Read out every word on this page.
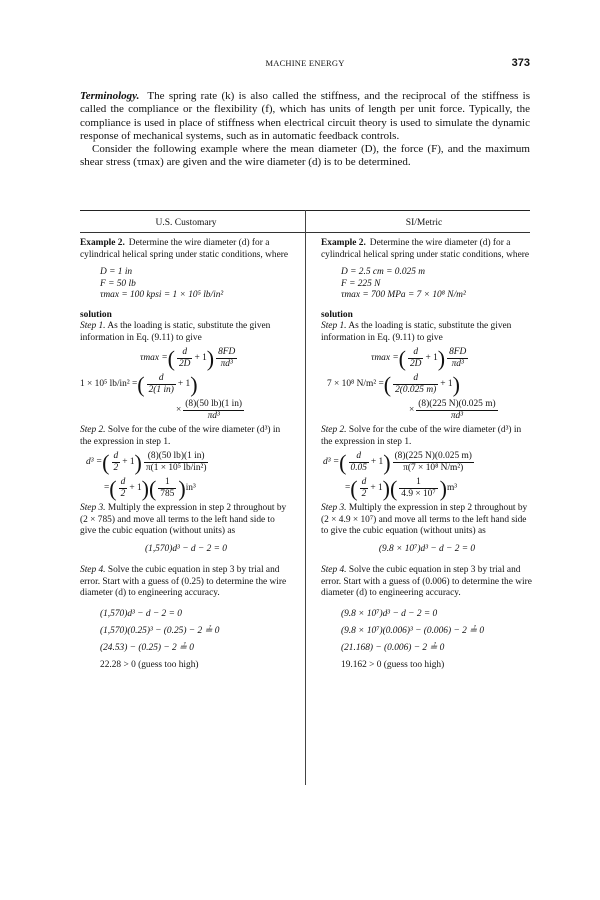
MACHINE ENERGY	373

Terminology. The spring rate (k) is also called the stiffness, and the reciprocal of the stiffness is called the compliance or the flexibility (f), which has units of length per unit force. Typically, the compliance is used in place of stiffness when electrical circuit theory is used to simulate the dynamic response of mechanical systems, such as in automatic feedback controls.

Consider the following example where the mean diameter (D), the force (F), and the maximum shear stress (τmax) are given and the wire diameter (d) is to be determined.

U.S. Customary	SI/Metric

Example 2. Determine the wire diameter (d) for a cylindrical helical spring under static conditions, where

D = 1 in
F = 50 lb
τmax = 100 kpsi = 1 × 10⁵ lb/in²

solution

Step 1. As the loading is static, substitute the given information in Eq. (9.11) to give

τmax = ( $\frac{d}{2D} + 1$ ) $\frac{8FD}{\text{πd³}}$
1 × 10⁵ lb/in² = ( $\frac{d}{2(1 in)} + 1$ )
× $\frac{(8)(50 lb)(1 in)}{\text{πd³}}$

Step 2. Solve for the cube of the wire diameter (d³) in the expression in step 1.

d³ = ( $\frac{d}{2} + 1$ ) $\frac{(8)(50 lb)(1 in)}{\text{π(1 × 10⁵ lb/in²)}}$
= ( $\frac{d}{2} + 1$ ) ( $\frac{1}{785}$ ) in³

Step 3. Multiply the expression in step 2 throughout by (2 × 785) and move all terms to the left hand side to give the cubic equation (without units) as

(1,570)d³ − d − 2 = 0

Step 4. Solve the cubic equation in step 3 by trial and error. Start with a guess of (0.25) to determine the wire diameter (d) to engineering accuracy.

(1,570)d³ − d − 2 = 0
(1,570)(0.25)³ − (0.25) − 2 ≟ 0
(24.53) − (0.25) − 2 ≟ 0
22.28 > 0 (guess too high)

Example 2. Determine the wire diameter (d) for a cylindrical helical spring under static conditions, where

D = 2.5 cm = 0.025 m
F = 225 N
τmax = 700 MPa = 7 × 10⁸ N/m²

solution

Step 1. As the loading is static, substitute the given information in Eq. (9.11) to give

τmax = ( $\frac{d}{2D} + 1$ ) $\frac{8FD}{\text{πd³}}$
7 × 10⁸ N/m² = ( $\frac{d}{2(0.025 m)} + 1$ )
× $\frac{(8)(225 N)(0.025 m)}{\text{πd³}}$

Step 2. Solve for the cube of the wire diameter (d³) in the expression in step 1.

d³ = ( $\frac{d}{0.05} + 1$ ) $\frac{(8)(225 N)(0.025 m)}{\text{π(7 × 10⁸ N/m²)}}$
= ( $\frac{d}{2} + 1$ ) ( $\frac{1}{\text{4.9 × 10⁷}}$ ) m³

Step 3. Multiply the expression in step 2 throughout by (2 × 4.9 × 10⁷) and move all terms to the left hand side to give the cubic equation (without units) as

(9.8 × 10⁷)d³ − d − 2 = 0

Step 4. Solve the cubic equation in step 3 by trial and error. Start with a guess of (0.006) to determine the wire diameter (d) to engineering accuracy.

(9.8 × 10⁷)d³ − d − 2 = 0
(9.8 × 10⁷)(0.006)³ − (0.006) − 2 ≟ 0
(21.168) − (0.006) − 2 ≟ 0
19.162 > 0 (guess too high)
